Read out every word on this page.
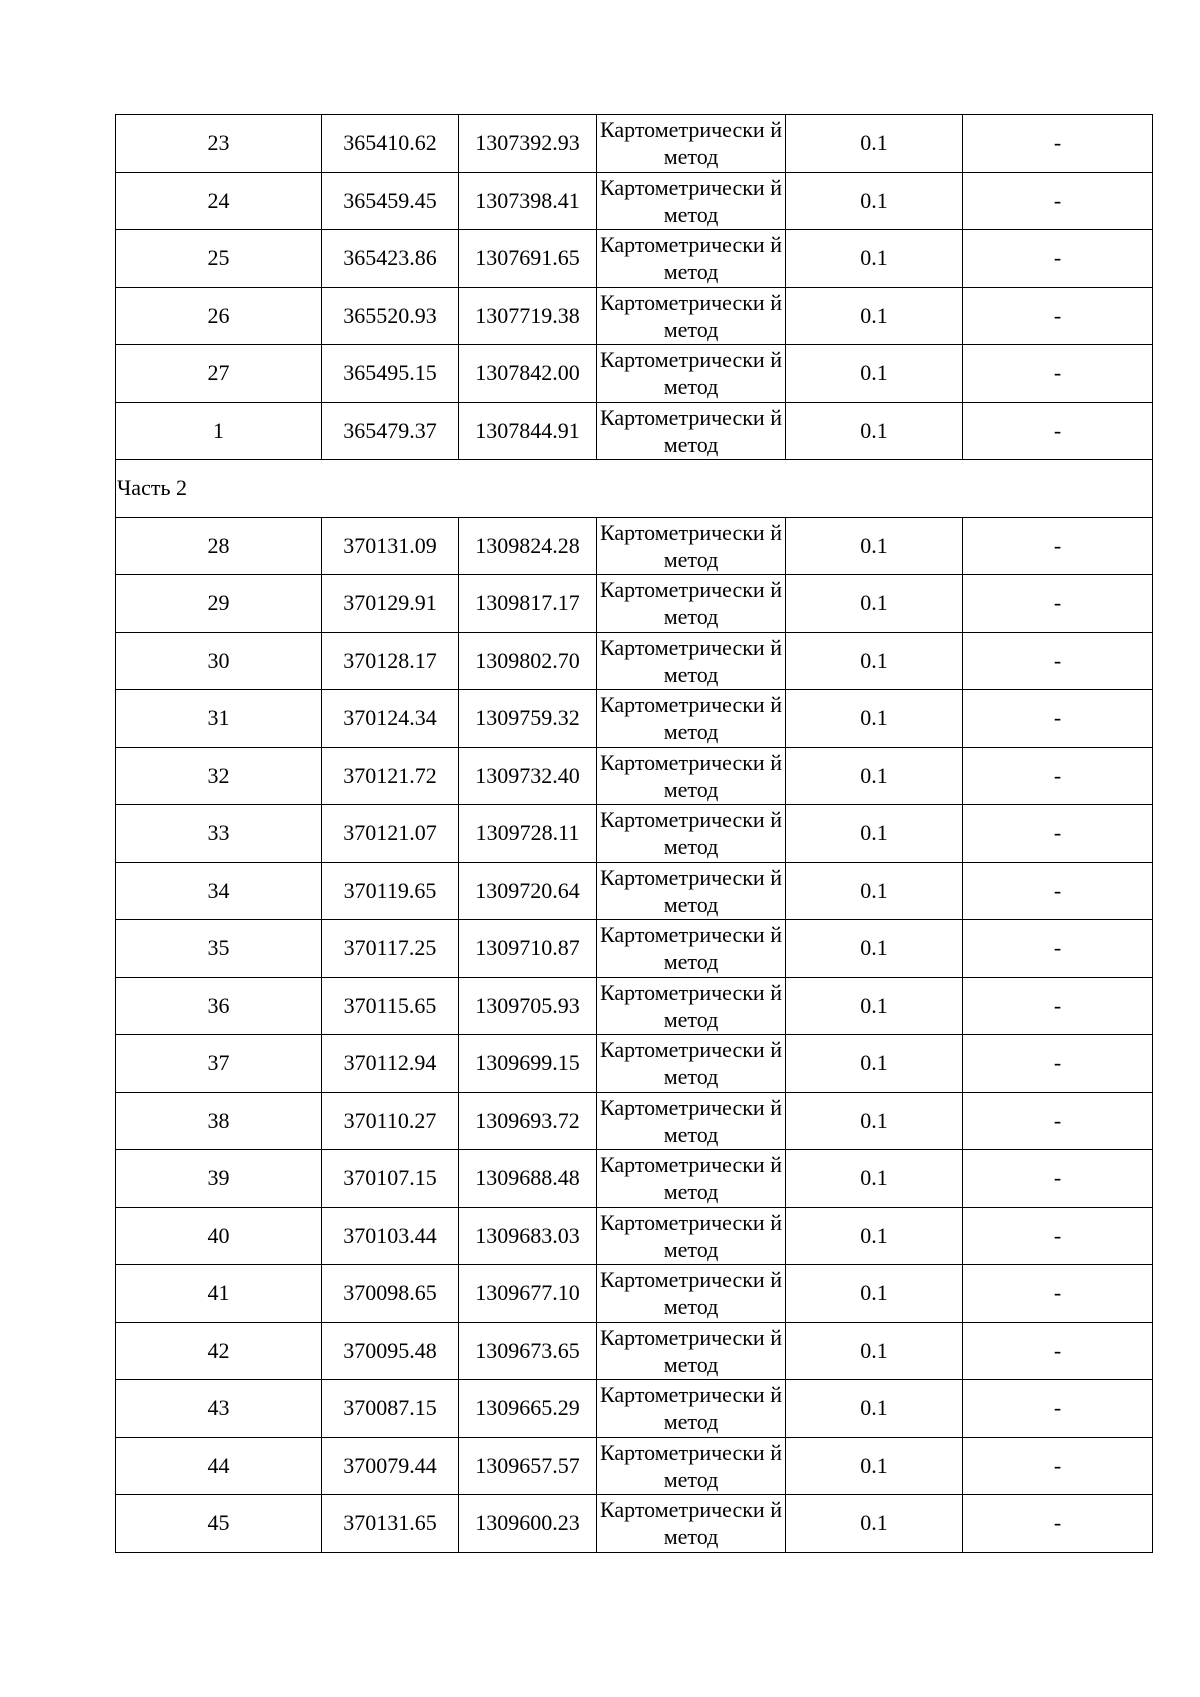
23	365410.62	1307392.93	Картометрически й метод	0.1	-
24	365459.45	1307398.41	Картометрически й метод	0.1	-
25	365423.86	1307691.65	Картометрически й метод	0.1	-
26	365520.93	1307719.38	Картометрически й метод	0.1	-
27	365495.15	1307842.00	Картометрически й метод	0.1	-
1	365479.37	1307844.91	Картометрически й метод	0.1	-
Часть 2					
28	370131.09	1309824.28	Картометрически й метод	0.1	-
29	370129.91	1309817.17	Картометрически й метод	0.1	-
30	370128.17	1309802.70	Картометрически й метод	0.1	-
31	370124.34	1309759.32	Картометрически й метод	0.1	-
32	370121.72	1309732.40	Картометрически й метод	0.1	-
33	370121.07	1309728.11	Картометрически й метод	0.1	-
34	370119.65	1309720.64	Картометрически й метод	0.1	-
35	370117.25	1309710.87	Картометрически й метод	0.1	-
36	370115.65	1309705.93	Картометрически й метод	0.1	-
37	370112.94	1309699.15	Картометрически й метод	0.1	-
38	370110.27	1309693.72	Картометрически й метод	0.1	-
39	370107.15	1309688.48	Картометрически й метод	0.1	-
40	370103.44	1309683.03	Картометрически й метод	0.1	-
41	370098.65	1309677.10	Картометрически й метод	0.1	-
42	370095.48	1309673.65	Картометрически й метод	0.1	-
43	370087.15	1309665.29	Картометрически й метод	0.1	-
44	370079.44	1309657.57	Картометрически й метод	0.1	-
45	370131.65	1309600.23	Картометрически й метод	0.1	-
